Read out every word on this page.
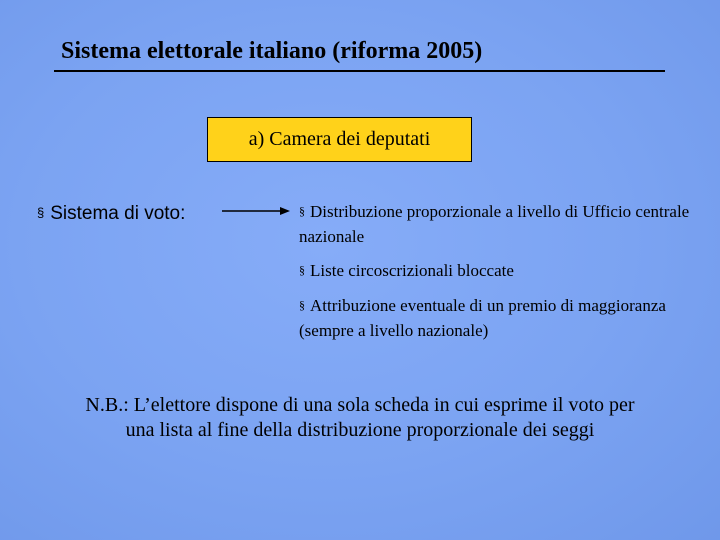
Sistema elettorale italiano (riforma 2005)
a) Camera dei deputati
§ Sistema di voto:	§ Distribuzione proporzionale a livello di Ufficio centrale nazionale
§ Liste circoscrizionali bloccate
§ Attribuzione eventuale di un premio di maggioranza (sempre a livello nazionale)
N.B.: L’elettore dispone di una sola scheda in cui esprime il voto per una lista al fine della distribuzione proporzionale dei seggi
